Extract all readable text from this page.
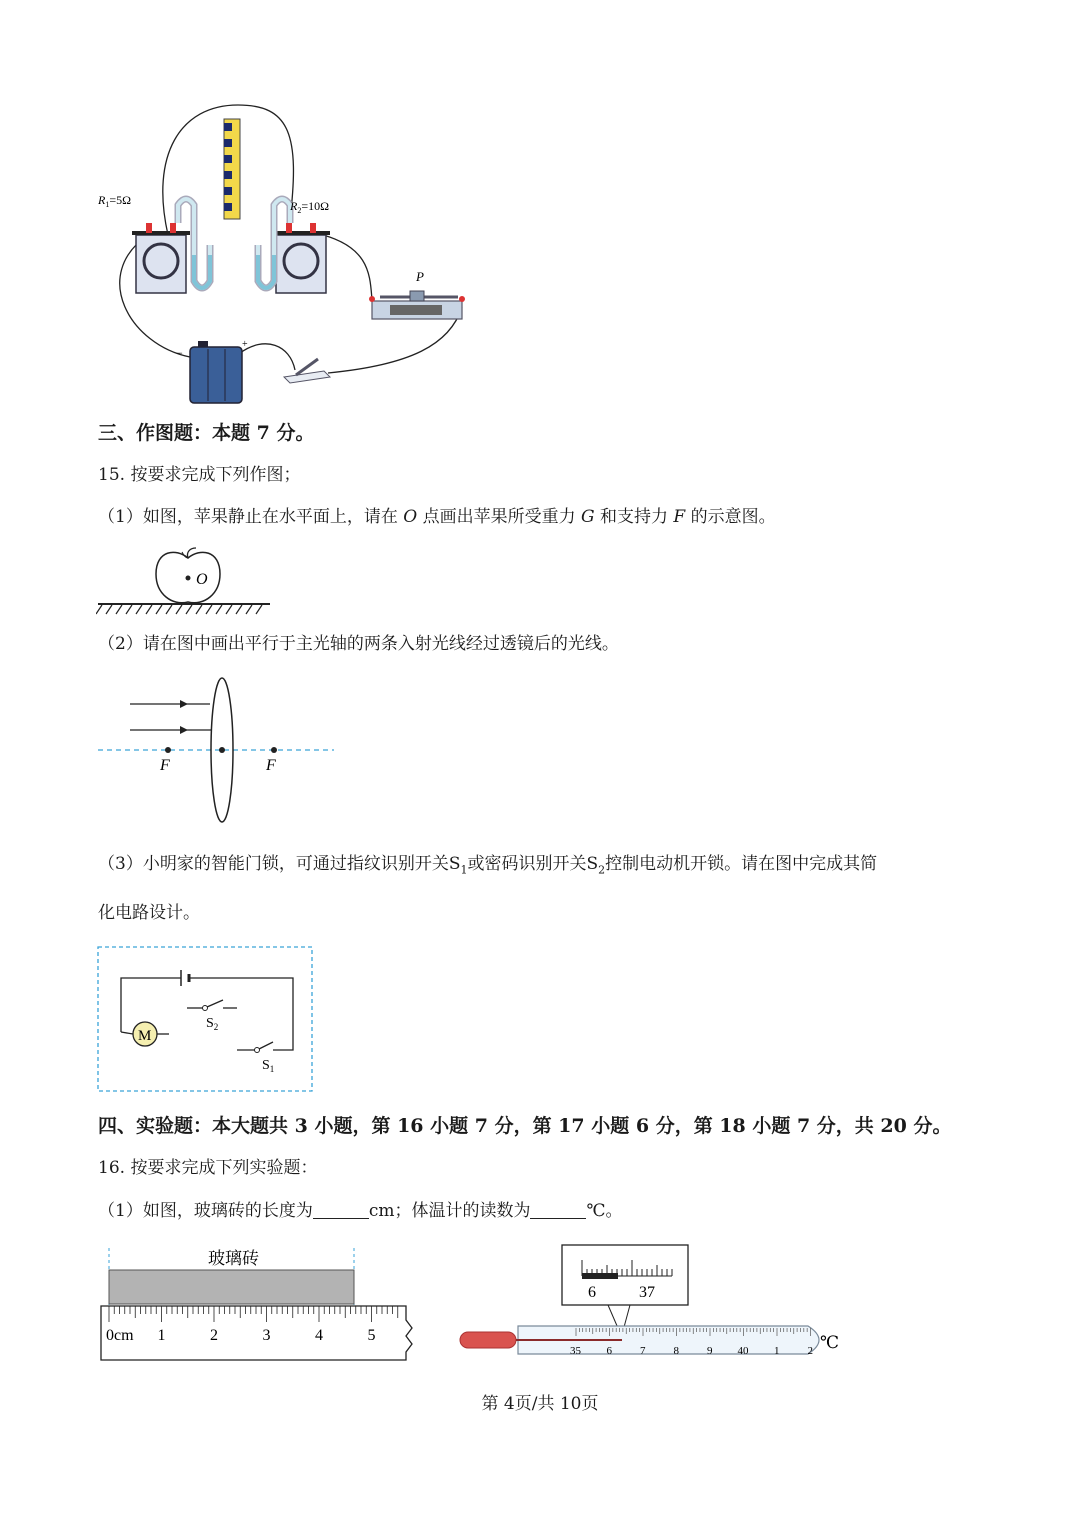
$R_1=5\Omega$	$R_2=10\Omega$
P
−
+
三、作图题：本题 7 分。
15. 按要求完成下列作图；
（1）如图，苹果静止在水平面上，请在 O 点画出苹果所受重力 G 和支持力 F 的示意图。
O
（2）请在图中画出平行于主光轴的两条入射光线经过透镜后的光线。
F	F
（3）小明家的智能门锁，可通过指纹识别开关$S_1$或密码识别开关$S_2$控制电动机开锁。请在图中完成其简
化电路设计。
M
$S_2$
$S_1$
四、实验题：本大题共 3 小题，第 16 小题 7 分，第 17 小题 6 分，第 18 小题 7 分，共 20 分。
16. 按要求完成下列实验题：
（1）如图，玻璃砖的长度为	cm；体温计的读数为	℃。
玻璃砖
0cm 1	2	3	4	5
6	37
35 6	7	8	9 40 1	2 ℃
第 4页/共 10页
